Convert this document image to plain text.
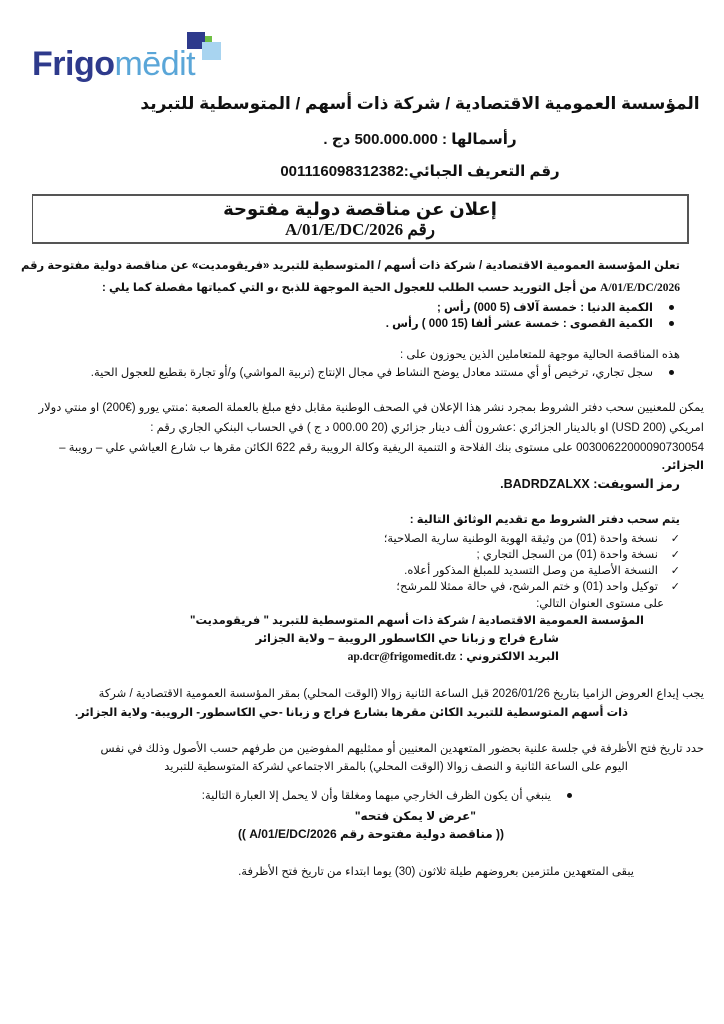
Frigomēdit
المؤسسة العمومية الاقتصادية / شركة ذات أسهم / المتوسطية للتبريد
رأسمالها : 500.000.000 دج .
رقم التعريف الجبائي:001116098312382
إعلان عن مناقصة دولية مفتوحة
رقم A/01/E/DC/2026
تعلن المؤسسة العمومية الاقتصادية / شركة ذات أسهم / المتوسطية للتبريد «فريقومديت» عن مناقصة دولية مفتوحة رقم
A/01/E/DC/2026 من أجل التوريد حسب الطلب للعجول الحية الموجهة للذبح ،و التي كمياتها مفصلة كما يلي :
الكمية الدنيا : خمسة آلاف (5 000) رأس ;
الكمية القصوى : خمسة عشر ألفا (15 000 ) رأس .
هذه المناقصة الحالية موجهة للمتعاملين الذين يحوزون على :
سجل تجاري، ترخيص أو أي مستند معادل يوضح النشاط في مجال الإنتاج (تربية المواشي) و/أو تجارة بقطيع للعجول الحية.
يمكن للمعنيين سحب دفتر الشروط بمجرد نشر هذا الإعلان في الصحف الوطنية مقابل دفع مبلغ بالعملة الصعبة :منتي يورو (€200) او منتي دولار
امريكي (USD 200) او بالدينار الجزائري :عشرون ألف دينار جزائري (20 000.00 د ج ) في الحساب البنكي الجاري رقم :
00300622000090730054 على مستوى بنك الفلاحة و التنمية الريفية وكالة الرويبة رقم 622 الكائن مقرها ب شارع العياشي علي – رويبة –
الجزائر.
رمز السويفت: BADRDZALXX.
يتم سحب دفتر الشروط مع تقديم الوثائق التالية :
✓نسخة واحدة (01) من وثيقة الهوية الوطنية سارية الصلاحية؛
✓نسخة واحدة (01) من السجل التجاري ;
✓النسخة الأصلية من وصل التسديد للمبلغ المذكور أعلاه.
✓توكيل واحد (01) و ختم المرشح، في حالة ممثلا للمرشح؛
على مستوى العنوان التالي:
المؤسسة العمومية الاقتصادية / شركة ذات أسهم المتوسطية للتبريد " فريقومديت"
شارع فراج و زبانا حي الكاسطور الرويبة – ولاية الجزائر
البريد الالكتروني : ap.dcr@frigomedit.dz
يجب إيداع العروض الزاميا بتاريخ 2026/01/26 قبل الساعة الثانية زوالا (الوقت المحلي) بمقر المؤسسة العمومية الاقتصادية / شركة
ذات أسهم المتوسطية للتبريد الكائن مقرها بشارع فراج و زبانا -حي الكاسطور- الرويبة- ولاية الجزائر.
حدد تاريخ فتح الأظرفة في جلسة علنية بحضور المتعهدين المعنيين أو ممثليهم المفوضين من طرفهم حسب الأصول وذلك في نفس
اليوم على الساعة الثانية و النصف زوالا (الوقت المحلي) بالمقر الاجتماعي لشركة المتوسطية للتبريد
ينبغي أن يكون الظرف الخارجي مبهما ومغلقا وأن لا يحمل إلا العبارة التالية:
"عرض لا يمكن فتحه"
(( مناقصة دولية مفتوحة رقم A/01/E/DC/2026 ))
يبقى المتعهدين ملتزمين بعروضهم طيلة ثلاثون (30) يوما ابتداء من تاريخ فتح الأظرفة.
